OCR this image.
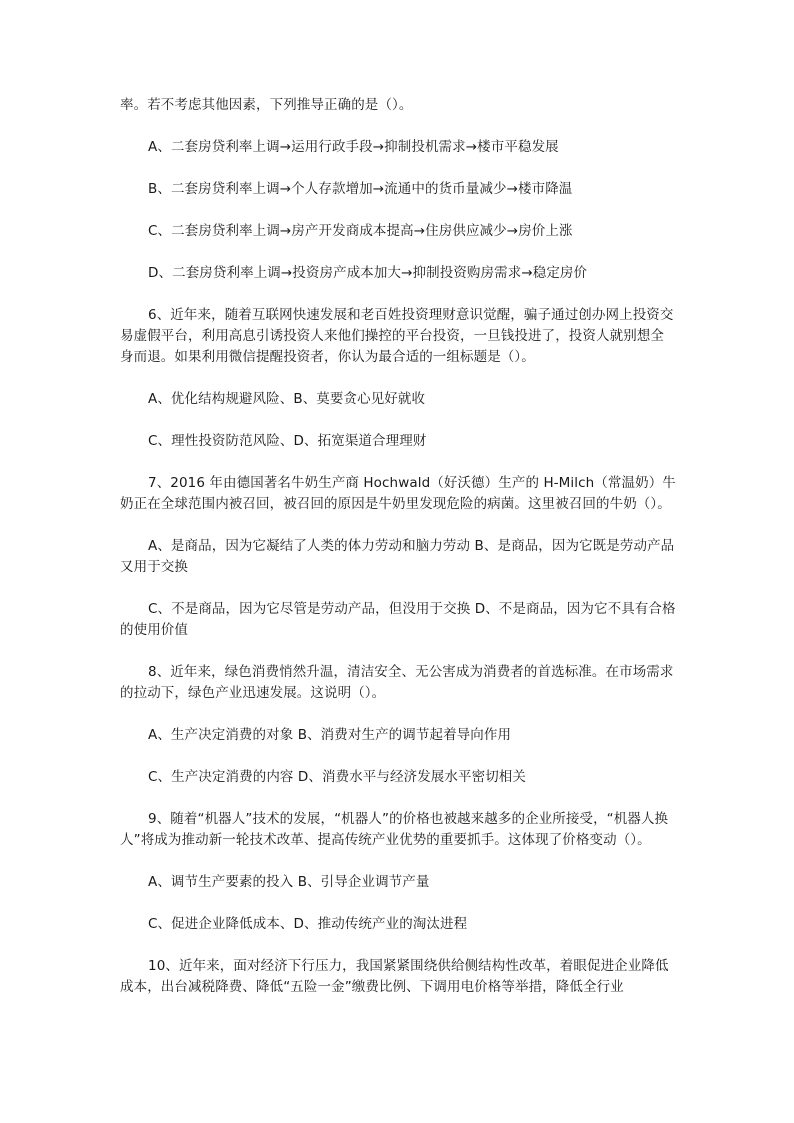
率。若不考虑其他因素，下列推导正确的是（）。

A、二套房贷利率上调→运用行政手段→抑制投机需求→楼市平稳发展

B、二套房贷利率上调→个人存款增加→流通中的货币量减少→楼市降温

C、二套房贷利率上调→房产开发商成本提高→住房供应减少→房价上涨

D、二套房贷利率上调→投资房产成本加大→抑制投资购房需求→稳定房价

6、近年来，随着互联网快速发展和老百姓投资理财意识觉醒，骗子通过创办网上投资交易虚假平台，利用高息引诱投资人来他们操控的平台投资，一旦钱投进了，投资人就别想全身而退。如果利用微信提醒投资者，你认为最合适的一组标题是（）。

A、优化结构规避风险、B、莫要贪心见好就收

C、理性投资防范风险、D、拓宽渠道合理理财

7、2016 年由德国著名牛奶生产商 Hochwald（好沃德）生产的 H-Milch（常温奶）牛奶正在全球范围内被召回，被召回的原因是牛奶里发现危险的病菌。这里被召回的牛奶（）。

A、是商品，因为它凝结了人类的体力劳动和脑力劳动 B、是商品，因为它既是劳动产品又用于交换

C、不是商品，因为它尽管是劳动产品，但没用于交换 D、不是商品，因为它不具有合格的使用价值

8、近年来，绿色消费悄然升温，清洁安全、无公害成为消费者的首选标准。在市场需求的拉动下，绿色产业迅速发展。这说明（）。

A、生产决定消费的对象 B、消费对生产的调节起着导向作用

C、生产决定消费的内容 D、消费水平与经济发展水平密切相关

9、随着“机器人”技术的发展，“机器人”的价格也被越来越多的企业所接受，“机器人换人”将成为推动新一轮技术改革、提高传统产业优势的重要抓手。这体现了价格变动（）。

A、调节生产要素的投入 B、引导企业调节产量

C、促进企业降低成本、D、推动传统产业的淘汰进程

10、近年来，面对经济下行压力，我国紧紧围绕供给侧结构性改革，着眼促进企业降低成本，出台减税降费、降低“五险一金”缴费比例、下调用电价格等举措，降低全行业
